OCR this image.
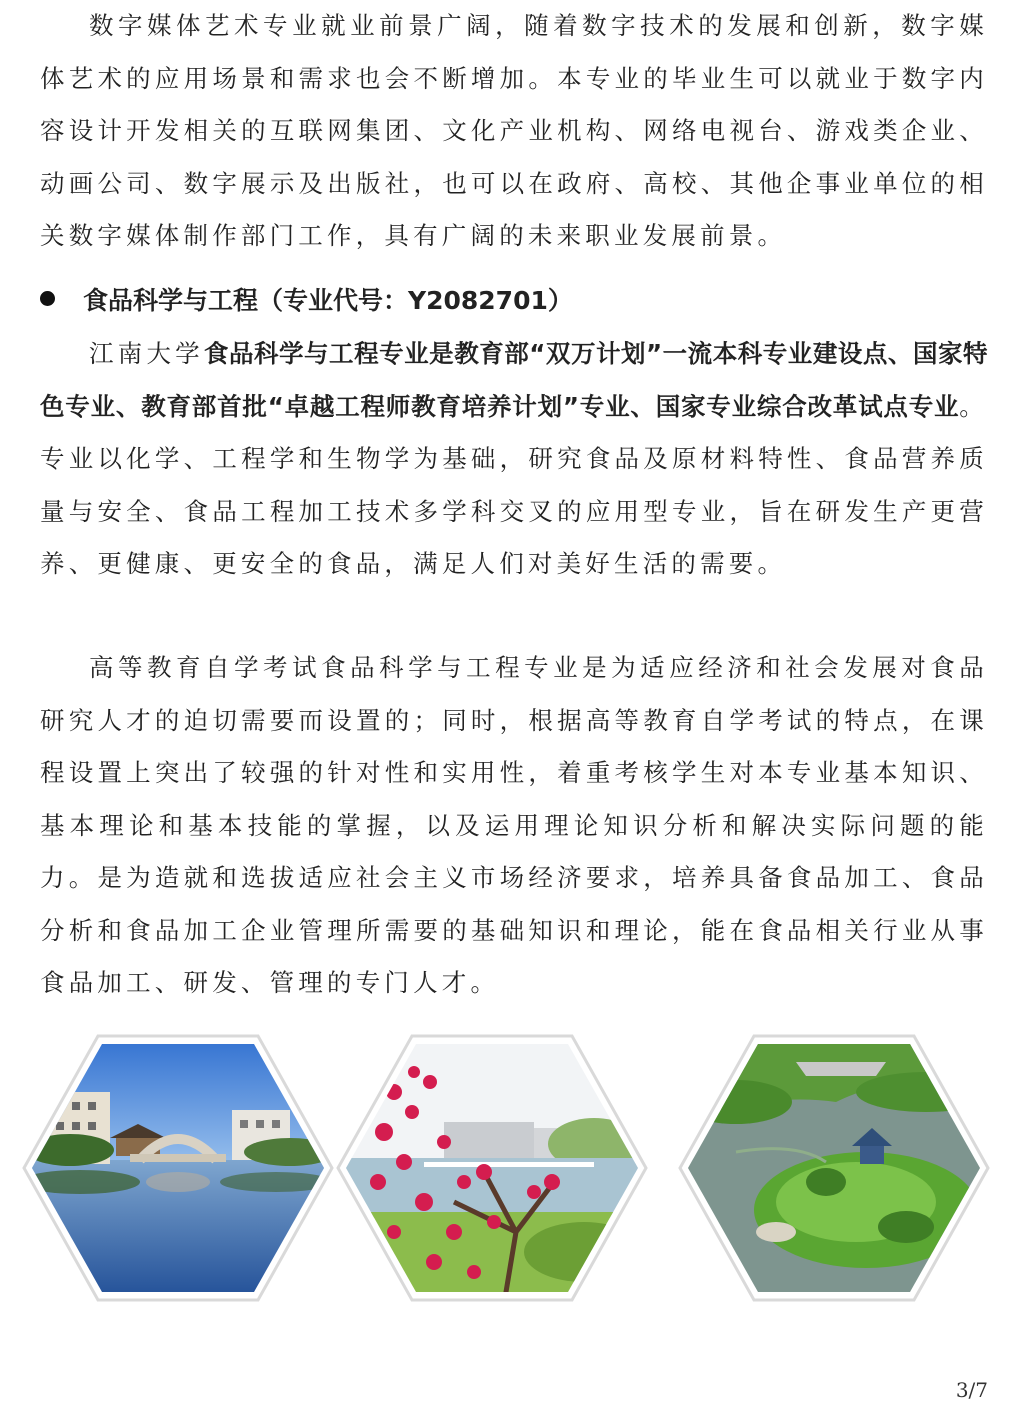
数字媒体艺术专业就业前景广阔，随着数字技术的发展和创新，数字媒体艺术的应用场景和需求也会不断增加。本专业的毕业生可以就业于数字内容设计开发相关的互联网集团、文化产业机构、网络电视台、游戏类企业、动画公司、数字展示及出版社，也可以在政府、高校、其他企事业单位的相关数字媒体制作部门工作，具有广阔的未来职业发展前景。

食品科学与工程（专业代号：Y2082701）

江南大学食品科学与工程专业是教育部“双万计划”一流本科专业建设点、国家特色专业、教育部首批“卓越工程师教育培养计划”专业、国家专业综合改革试点专业。专业以化学、工程学和生物学为基础，研究食品及原材料特性、食品营养质量与安全、食品工程加工技术多学科交叉的应用型专业，旨在研发生产更营养、更健康、更安全的食品，满足人们对美好生活的需要。

高等教育自学考试食品科学与工程专业是为适应经济和社会发展对食品研究人才的迫切需要而设置的；同时，根据高等教育自学考试的特点，在课程设置上突出了较强的针对性和实用性，着重考核学生对本专业基本知识、基本理论和基本技能的掌握，以及运用理论知识分析和解决实际问题的能力。是为造就和选拔适应社会主义市场经济要求，培养具备食品加工、食品分析和食品加工企业管理所需要的基础知识和理论，能在食品相关行业从事食品加工、研发、管理的专门人才。

3/7
